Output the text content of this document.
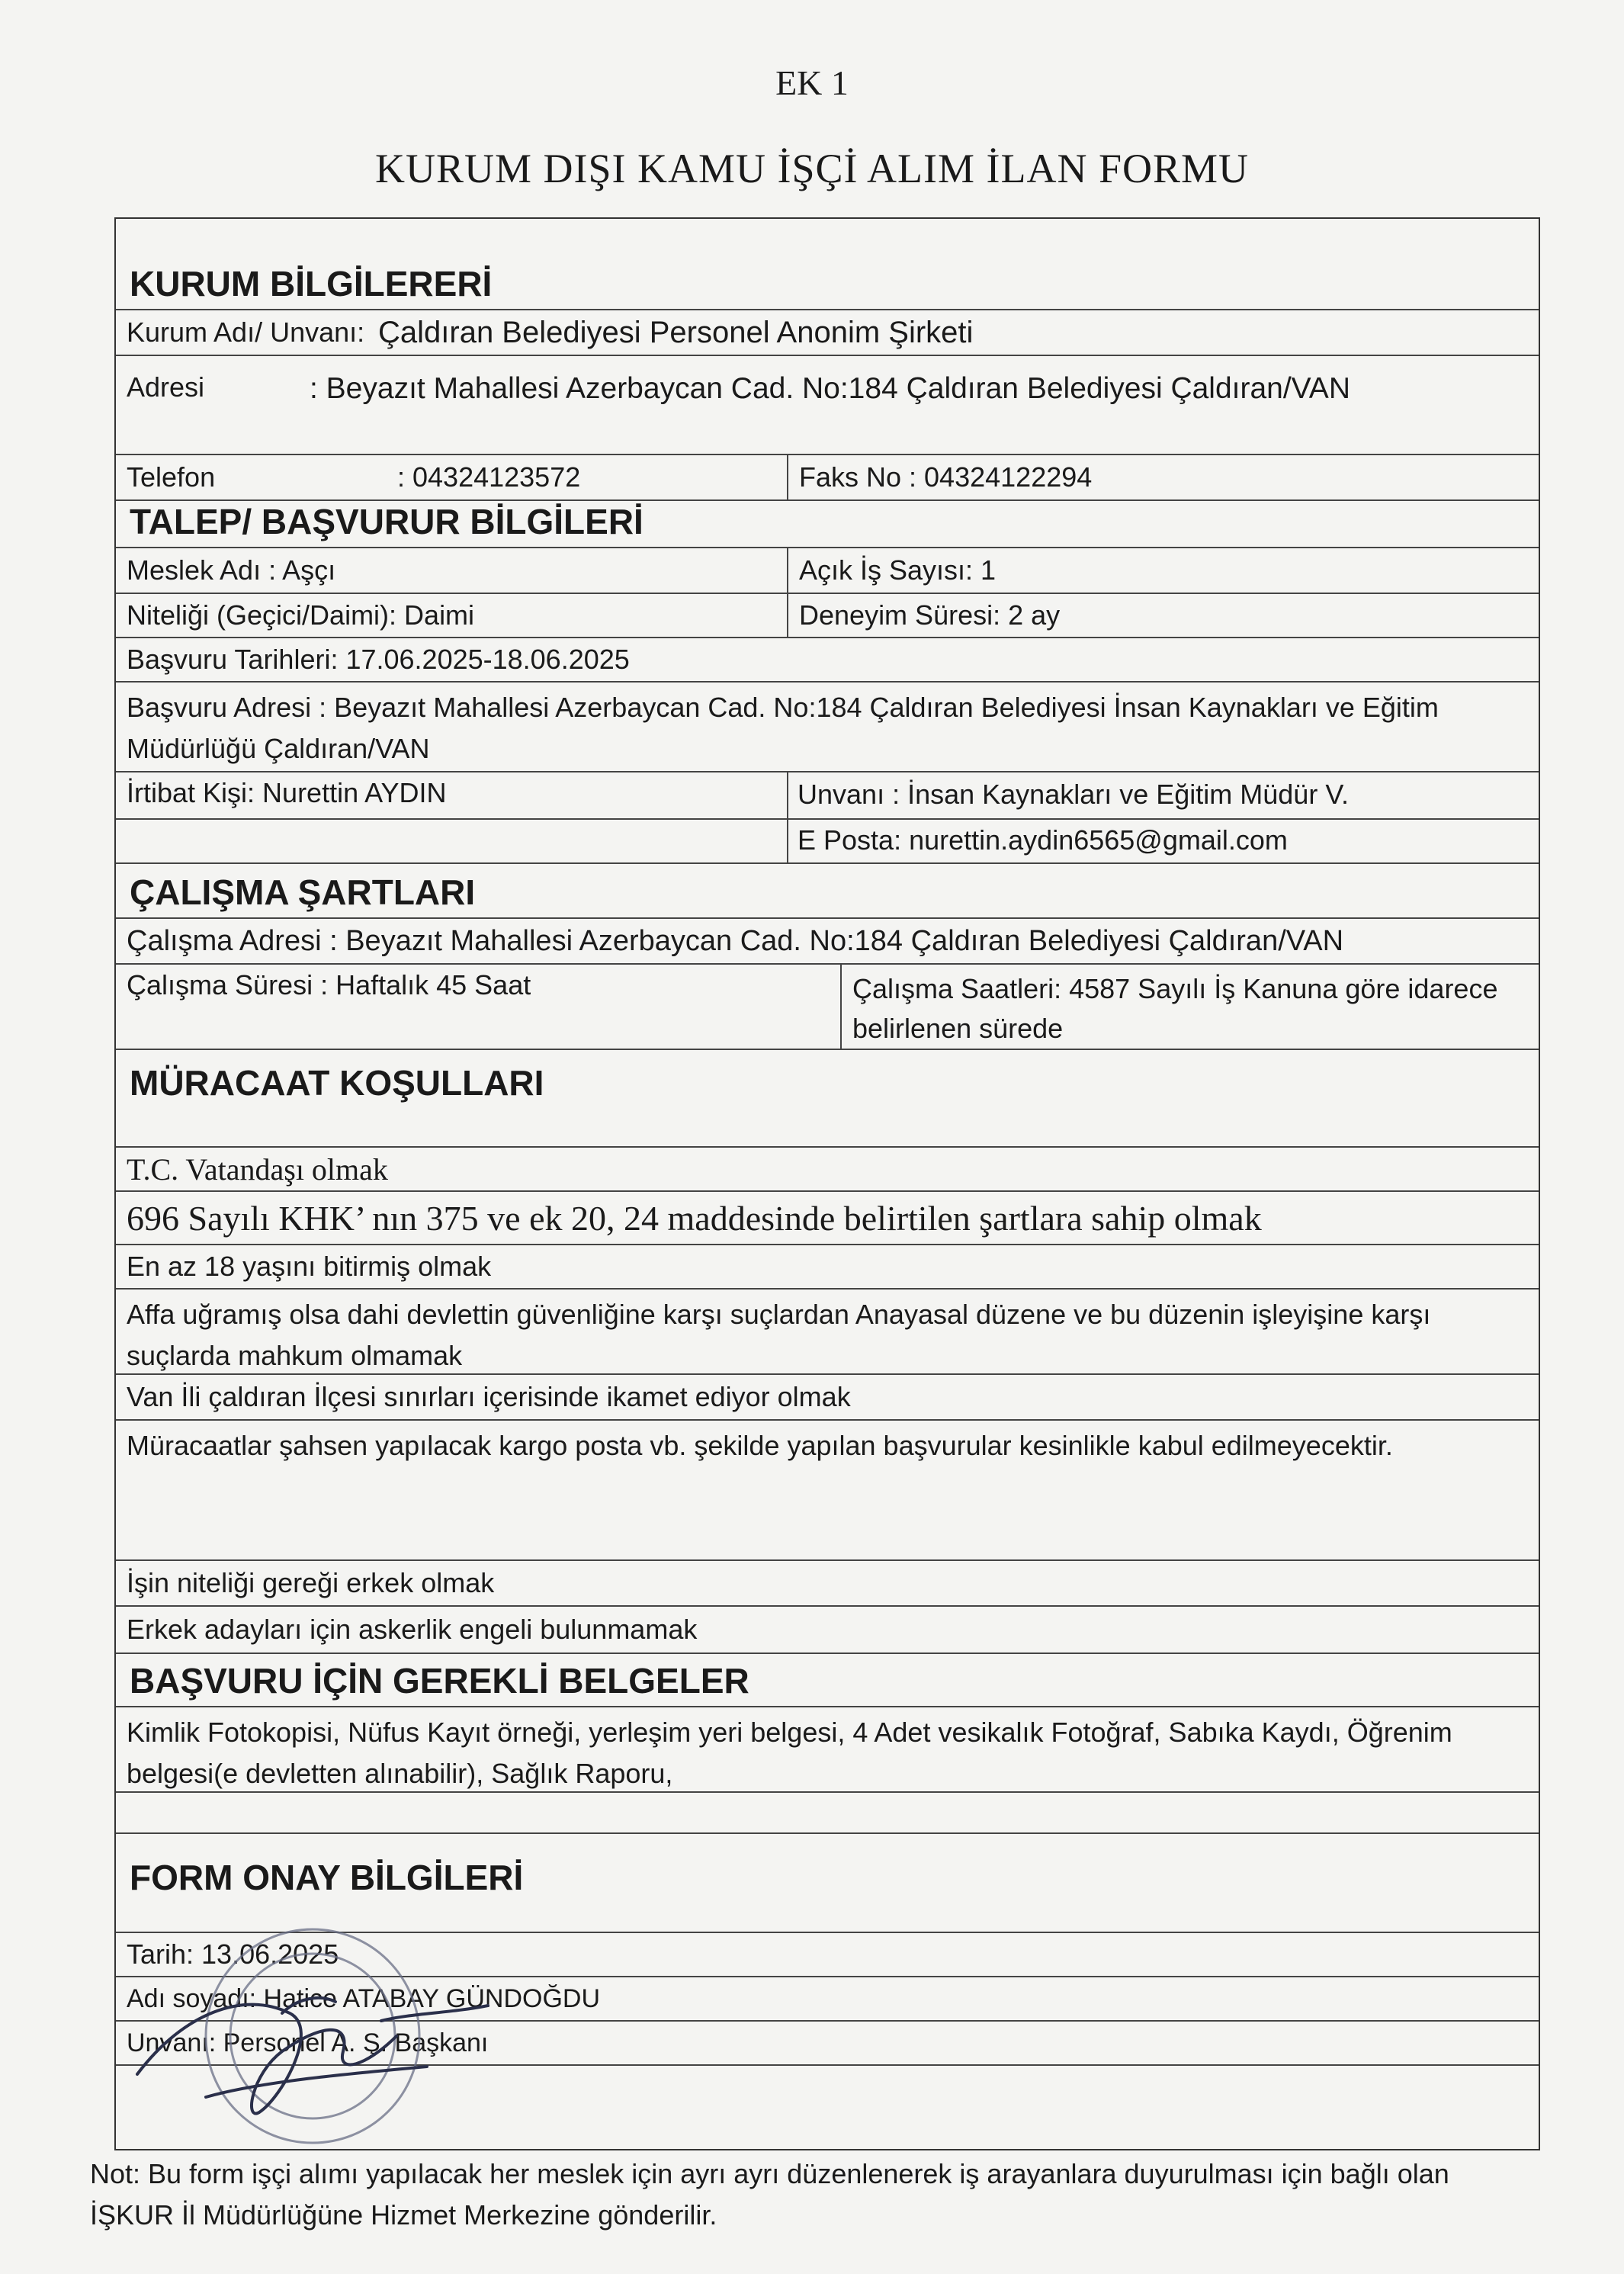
EK 1
KURUM DIŞI KAMU İŞÇİ ALIM İLAN FORMU
KURUM BİLGİLERERİ
Kurum Adı/ Unvanı: Çaldıran Belediyesi Personel Anonim Şirketi
Adresi	: Beyazıt Mahallesi Azerbaycan Cad. No:184 Çaldıran Belediyesi Çaldıran/VAN
Telefon	: 04324123572	Faks No : 04324122294
TALEP/ BAŞVURUR BİLGİLERİ
Meslek Adı : Aşçı	Açık İş Sayısı: 1
Niteliği (Geçici/Daimi): Daimi	Deneyim Süresi: 2 ay
Başvuru Tarihleri: 17.06.2025-18.06.2025
Başvuru Adresi : Beyazıt Mahallesi Azerbaycan Cad. No:184 Çaldıran Belediyesi İnsan Kaynakları ve Eğitim Müdürlüğü Çaldıran/VAN
İrtibat Kişi: Nurettin AYDIN	Unvanı : İnsan Kaynakları ve Eğitim Müdür V.
E Posta: nurettin.aydin6565@gmail.com
ÇALIŞMA ŞARTLARI
Çalışma Adresi : Beyazıt Mahallesi Azerbaycan Cad. No:184 Çaldıran Belediyesi Çaldıran/VAN
Çalışma Süresi : Haftalık 45 Saat	Çalışma Saatleri: 4587 Sayılı İş Kanuna göre idarece belirlenen sürede
MÜRACAAT KOŞULLARI
T.C. Vatandaşı olmak
696 Sayılı KHK’ nın 375 ve ek 20, 24 maddesinde belirtilen şartlara sahip olmak
En az 18 yaşını bitirmiş olmak
Affa uğramış olsa dahi devlettin güvenliğine karşı suçlardan Anayasal düzene ve bu düzenin işleyişine karşı suçlarda mahkum olmamak
Van İli çaldıran İlçesi sınırları içerisinde ikamet ediyor olmak
Müracaatlar şahsen yapılacak kargo posta vb. şekilde yapılan başvurular kesinlikle kabul edilmeyecektir.
İşin niteliği gereği erkek olmak
Erkek adayları için askerlik engeli bulunmamak
BAŞVURU İÇİN GEREKLİ BELGELER
Kimlik Fotokopisi, Nüfus Kayıt örneği, yerleşim yeri belgesi, 4 Adet vesikalık Fotoğraf, Sabıka Kaydı, Öğrenim belgesi(e devletten alınabilir), Sağlık Raporu,
FORM ONAY BİLGİLERİ
Tarih: 13.06.2025
Adı soyadı: Hatice ATABAY GÜNDOĞDU
Unvanı: Personel A. Ş. Başkanı
Not: Bu form işçi alımı yapılacak her meslek için ayrı ayrı düzenlenerek iş arayanlara duyurulması için bağlı olan İŞKUR İl Müdürlüğüne Hizmet Merkezine gönderilir.
